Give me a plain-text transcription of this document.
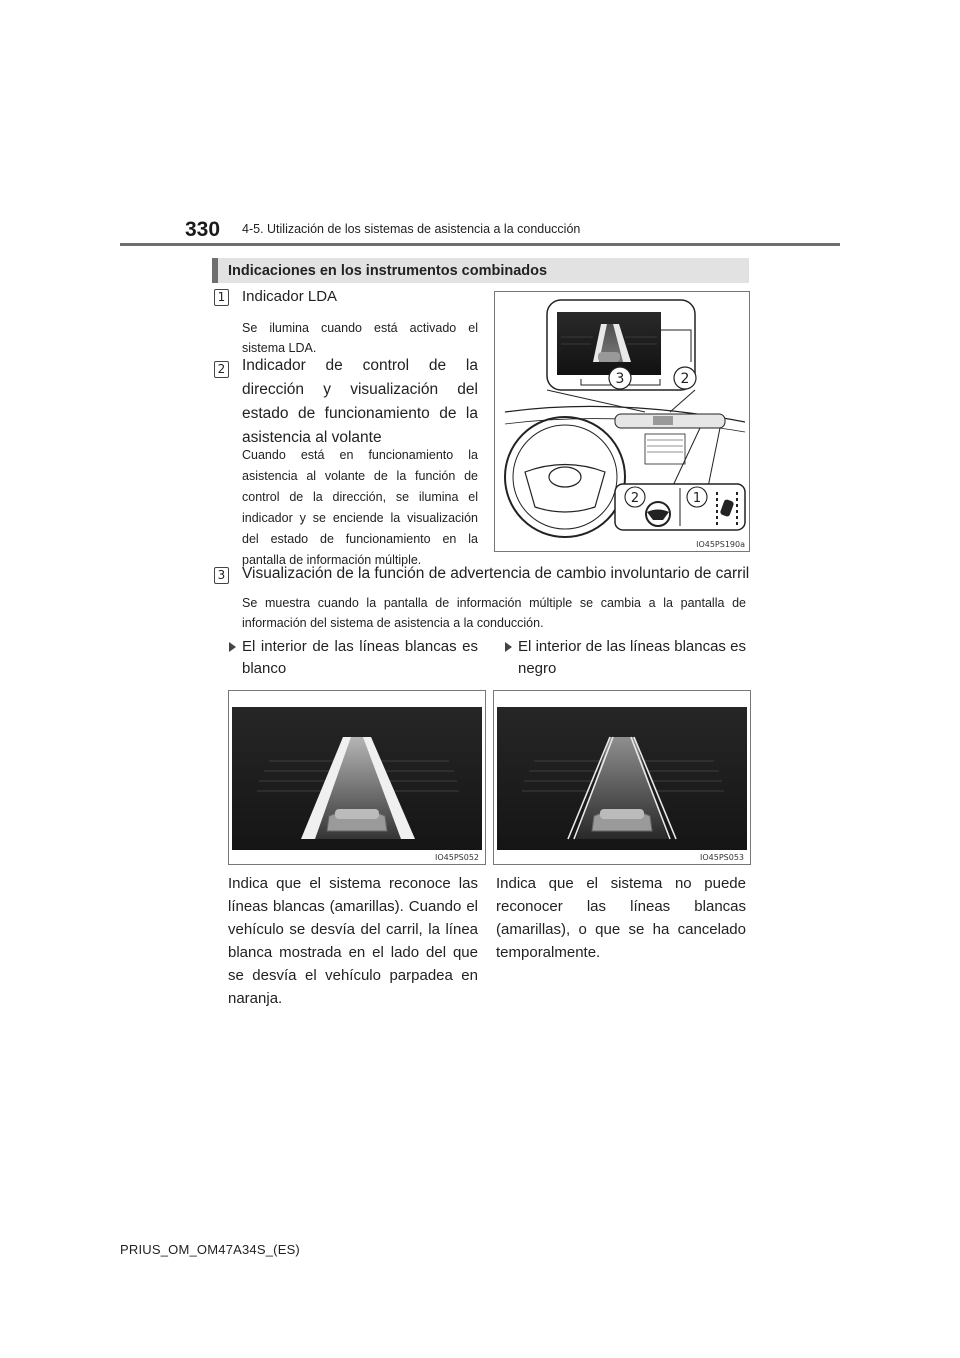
330 4-5. Utilización de los sistemas de asistencia a la conducción
Indicaciones en los instrumentos combinados
1 Indicador LDA
Se ilumina cuando está activado el sistema LDA.
2 Indicador de control de la dirección y visualización del estado de funcionamiento de la asistencia al volante
Cuando está en funcionamiento la asistencia al volante de la función de control de la dirección, se ilumina el indicador y se enciende la visualización del estado de funcionamiento en la pantalla de información múltiple.
3	2
2	1
IO45PS190a
3 Visualización de la función de advertencia de cambio involuntario de carril
Se muestra cuando la pantalla de información múltiple se cambia a la pantalla de información del sistema de asistencia a la conducción.
El interior de las líneas blancas es blanco
El interior de las líneas blancas es negro
IO45PS052	IO45PS053
Indica que el sistema reconoce las líneas blancas (amarillas). Cuando el vehículo se desvía del carril, la línea blanca mostrada en el lado del que se desvía el vehículo parpadea en naranja.
Indica que el sistema no puede reconocer las líneas blancas (amarillas), o que se ha cancelado temporalmente.
PRIUS_OM_OM47A34S_(ES)
